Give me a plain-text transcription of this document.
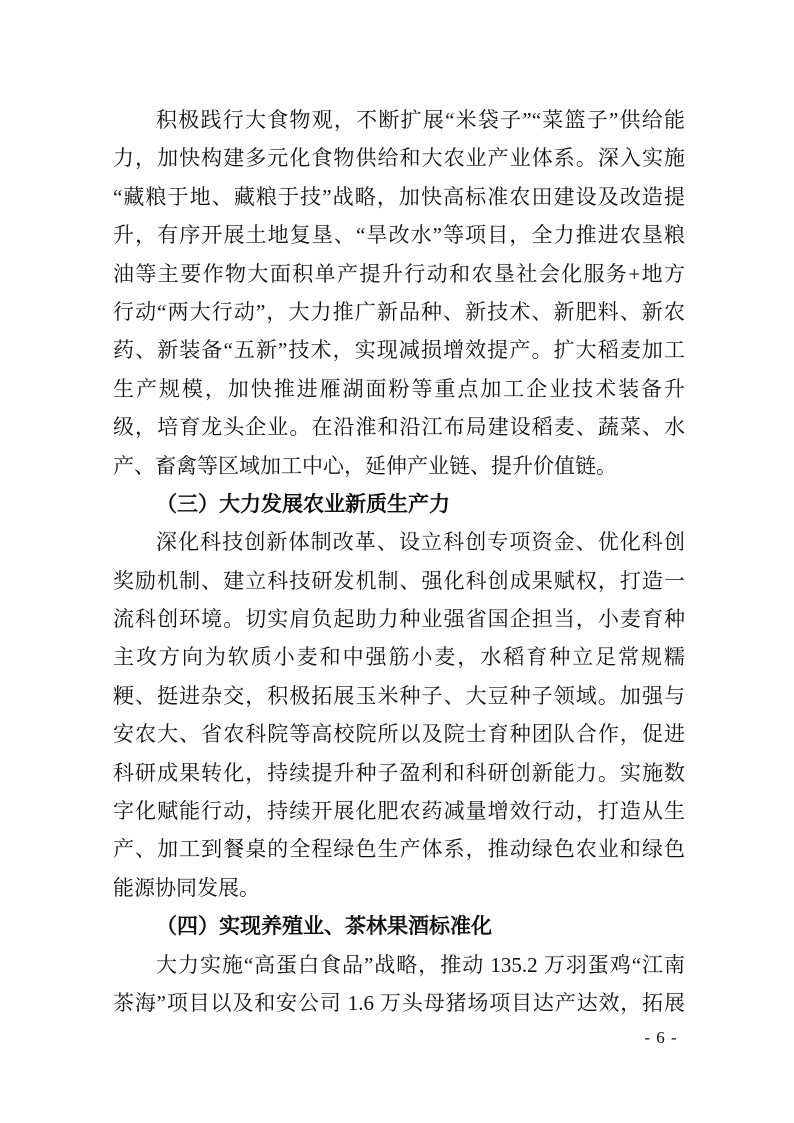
积极践行大食物观，不断扩展“米袋子”“菜篮子”供给能
力，加快构建多元化食物供给和大农业产业体系。深入实施
“藏粮于地、藏粮于技”战略，加快高标准农田建设及改造提
升，有序开展土地复垦、“旱改水”等项目，全力推进农垦粮
油等主要作物大面积单产提升行动和农垦社会化服务+地方
行动“两大行动”，大力推广新品种、新技术、新肥料、新农
药、新装备“五新”技术，实现减损增效提产。扩大稻麦加工
生产规模，加快推进雁湖面粉等重点加工企业技术装备升
级，培育龙头企业。在沿淮和沿江布局建设稻麦、蔬菜、水
产、畜禽等区域加工中心，延伸产业链、提升价值链。
（三）大力发展农业新质生产力
深化科技创新体制改革、设立科创专项资金、优化科创
奖励机制、建立科技研发机制、强化科创成果赋权，打造一
流科创环境。切实肩负起助力种业强省国企担当，小麦育种
主攻方向为软质小麦和中强筋小麦，水稻育种立足常规糯
粳、挺进杂交，积极拓展玉米种子、大豆种子领域。加强与
安农大、省农科院等高校院所以及院士育种团队合作，促进
科研成果转化，持续提升种子盈利和科研创新能力。实施数
字化赋能行动，持续开展化肥农药减量增效行动，打造从生
产、加工到餐桌的全程绿色生产体系，推动绿色农业和绿色
能源协同发展。
（四）实现养殖业、茶林果酒标准化
大力实施“高蛋白食品”战略，推动 135.2 万羽蛋鸡“江南
茶海”项目以及和安公司 1.6 万头母猪场项目达产达效，拓展
- 6 -
